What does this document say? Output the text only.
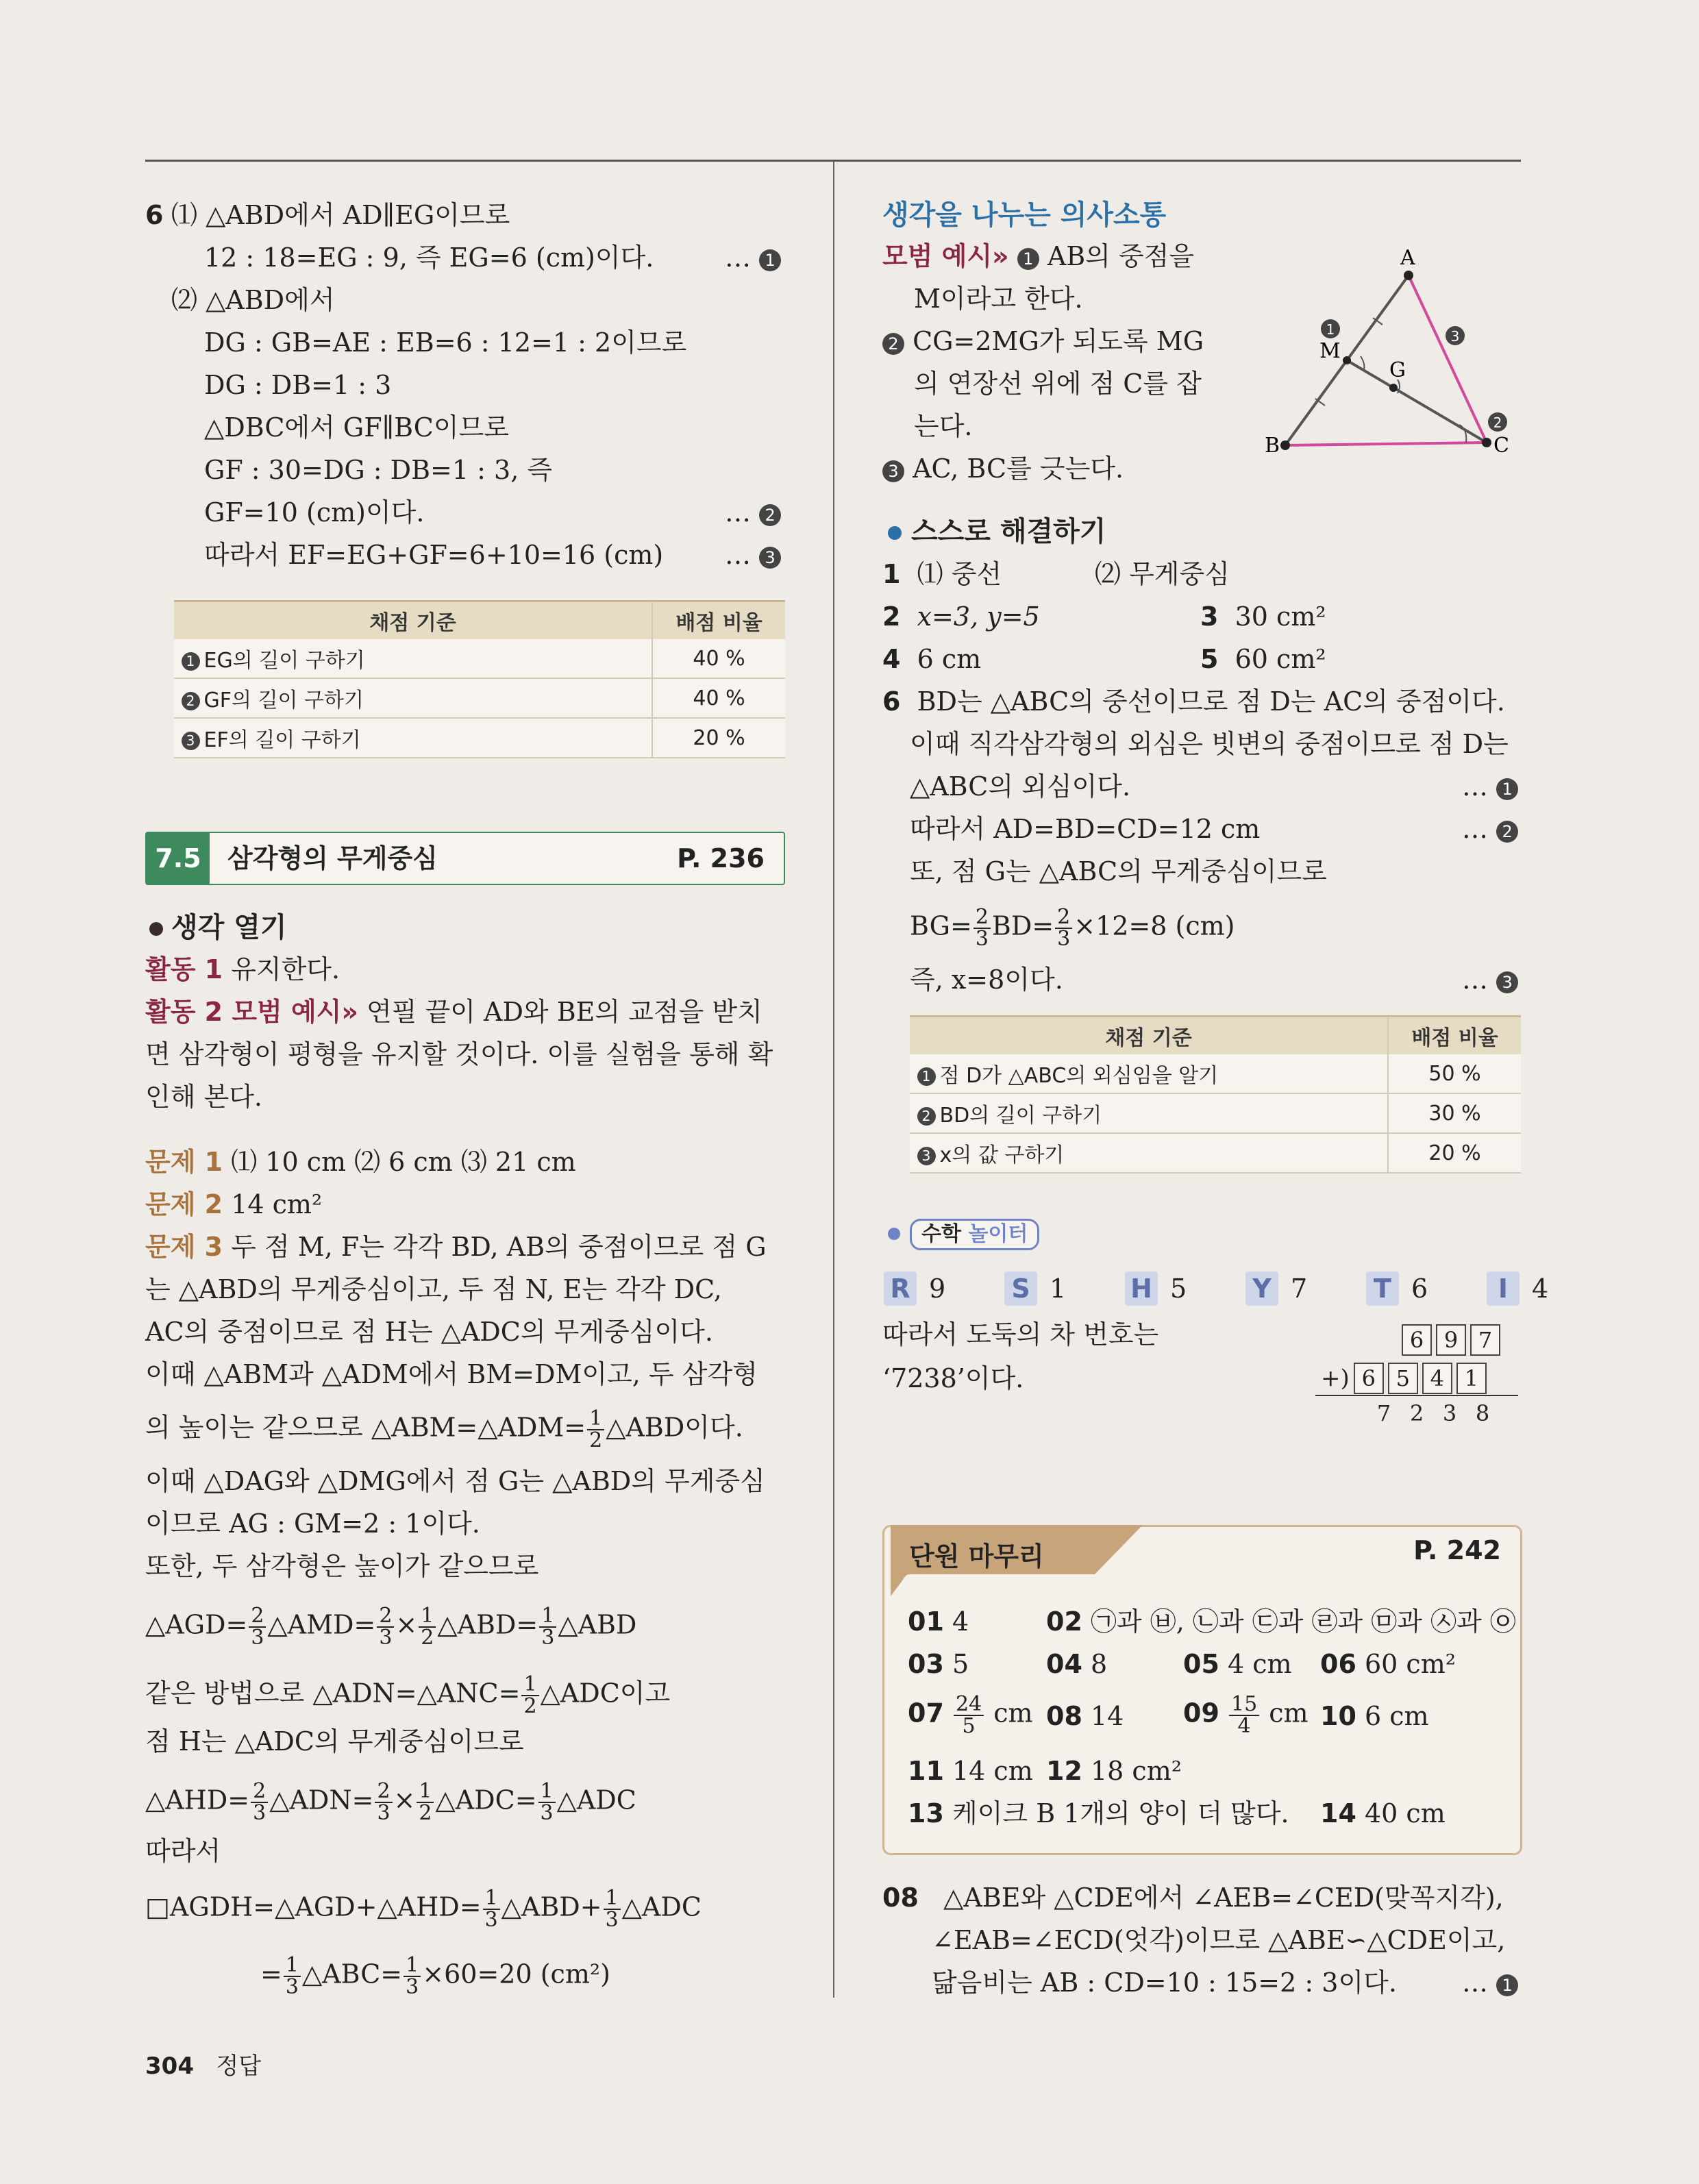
6 ⑴ △ABD에서 AD∥EG이므로
12 : 18=EG : 9, 즉 EG=6 (cm)이다.	… 1
⑵ △ABD에서
DG : GB=AE : EB=6 : 12=1 : 2이므로
DG : DB=1 : 3
△DBC에서 GF∥BC이므로
GF : 30=DG : DB=1 : 3, 즉
GF=10 (cm)이다.	… 2
따라서 EF=EG+GF=6+10=16 (cm) … 3
채점 기준	배점 비율
1 EG의 길이 구하기	40 %
2 GF의 길이 구하기	40 %
3 EF의 길이 구하기	20 %
7.5	삼각형의 무게중심	P. 236
생각 열기
활동 1 유지한다.
활동 2 모범 예시» 연필 끝이 AD와 BE의 교점을 받치
면 삼각형이 평형을 유지할 것이다. 이를 실험을 통해 확
인해 본다.
문제 1 ⑴ 10 cm ⑵ 6 cm ⑶ 21 cm
문제 2 14 cm²
문제 3 두 점 M, F는 각각 BD, AB의 중점이므로 점 G
는 △ABD의 무게중심이고, 두 점 N, E는 각각 DC,
AC의 중점이므로 점 H는 △ADC의 무게중심이다.
이때 △ABM과 △ADM에서 BM=DM이고, 두 삼각형
의 높이는 같으므로 △ABM=△ADM= $\frac{1}{2}$ △ABD이다.
이때 △DAG와 △DMG에서 점 G는 △ABD의 무게중심
이므로 AG : GM=2 : 1이다.
또한, 두 삼각형은 높이가 같으므로
△AGD= $\frac{2}{3}$ △AMD= $\frac{2}{3} \times \frac{1}{2}$ △ABD= $\frac{1}{3}$ △ABD
같은 방법으로 △ADN=△ANC= $\frac{1}{2}$ △ADC이고
점 H는 △ADC의 무게중심이므로
△AHD= $\frac{2}{3}$ △ADN= $\frac{2}{3} \times \frac{1}{2}$ △ADC= $\frac{1}{3}$ △ADC
따라서
□AGDH=△AGD+△AHD= $\frac{1}{3}$ △ABD+ $\frac{1}{3}$ △ADC
= $\frac{1}{3}$ △ABC= $\frac{1}{3} \times 60=20$ (cm²)
304 정답
생각을 나누는 의사소통
모범 예시» 1 AB의 중점을
M이라고 한다.
2 CG=2MG가 되도록 MG
의 연장선 위에 점 C를 잡
는다.
3 AC, BC를 긋는다.
A
B	C
M
G
1	3
2
스스로 해결하기
1 ⑴ 중선	⑵ 무게중심
2 x=3, y=5	3 30 cm²
4 6 cm	5 60 cm²
6 BD는 △ABC의 중선이므로 점 D는 AC의 중점이다.
이때 직각삼각형의 외심은 빗변의 중점이므로 점 D는
△ABC의 외심이다.	… 1
따라서 AD=BD=CD=12 cm	… 2
또, 점 G는 △ABC의 무게중심이므로
$BG= \frac{2}{3} BD= \frac{2}{3} \times 12=8$ (cm)
즉, x=8이다.	… 3
채점 기준	배점 비율
1 점 D가 △ABC의 외심임을 알기	50 %
2 BD의 길이 구하기	30 %
3 x의 값 구하기	20 %
수학 놀이터
R 9	S 1 H 5	Y 7	T 6	I 4
따라서 도둑의 차 번호는
‘7238’이다.
6 9 7
+) 6 5 4 1
7 2 3 8
단원 마무리	P. 242
01 4	02 ㉠과 ㉥, ㉡과 ㉢과 ㉣과 ㉤과 ㉦과 ㉧
03 5	04 8	05 4 cm 06 60 cm²
$07 \frac{24}{5}$ cm 08 14 $09 \frac{15}{4}$ cm 10 6 cm
11 14 cm 12 18 cm²
13 케이크 B 1개의 양이 더 많다. 14 40 cm
08 △ABE와 △CDE에서 ∠AEB=∠CED(맞꼭지각),
∠EAB=∠ECD(엇각)이므로 △ABE∽△CDE이고,
닮음비는 AB : CD=10 : 15=2 : 3이다.	… 1
